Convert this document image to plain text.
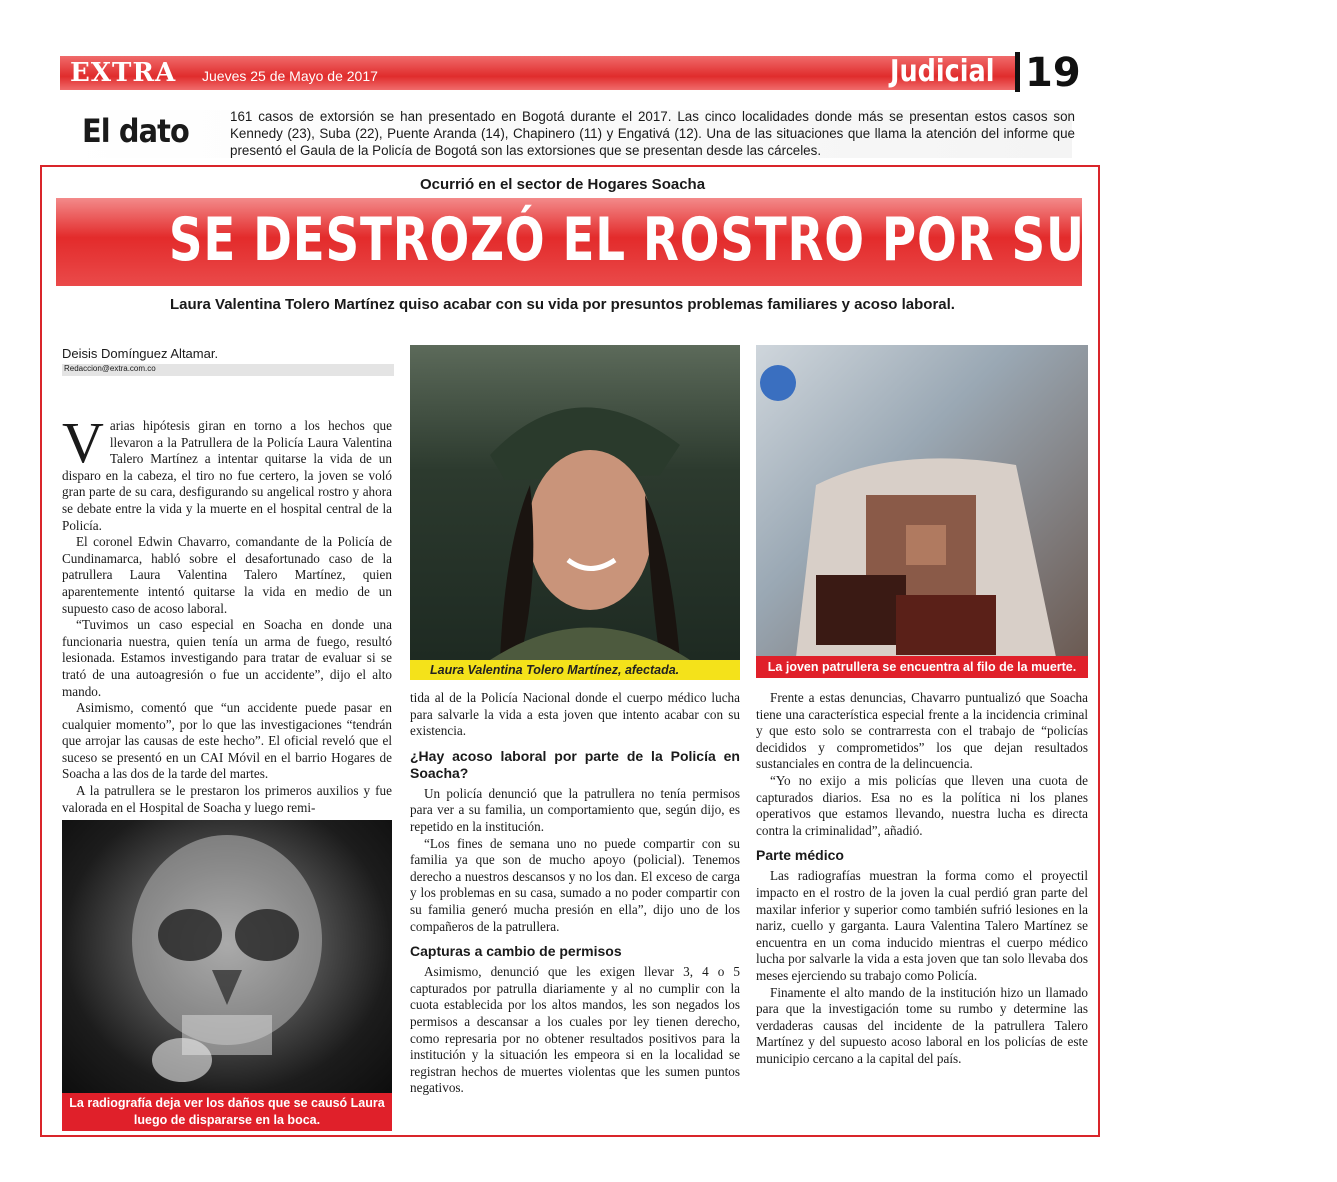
EXTRA Jueves 25 de Mayo de 2017	Judicial 19
El dato	161 casos de extorsión se han presentado en Bogotá durante el 2017. Las cinco localidades donde más se presentan estos casos son Kennedy (23), Suba (22), Puente Aranda (14), Chapinero (11) y Engativá (12). Una de las situaciones que llama la atención del informe que presentó el Gaula de la Policía de Bogotá son las extorsiones que se presentan desde las cárceles.
Ocurrió en el sector de Hogares Soacha
SE DESTROZÓ EL ROSTRO POR SUICIDARSE
Laura Valentina Tolero Martínez quiso acabar con su vida por presuntos problemas familiares y acoso laboral.
Deisis Domínguez Altamar.
Redaccion@extra.com.co
V arias hipótesis giran en torno a los hechos que llevaron a la Patrullera de la Policía Laura Valentina Talero Martínez a intentar quitarse la vida de un disparo en la cabeza, el tiro no fue certero, la joven se voló gran parte de su cara, desfigurando su angelical rostro y ahora se debate entre la vida y la muerte en el hospital central de la Policía.

El coronel Edwin Chavarro, comandante de la Policía de Cundinamarca, habló sobre el desafortunado caso de la patrullera Laura Valentina Talero Martínez, quien aparentemente intentó quitarse la vida en medio de un supuesto caso de acoso laboral.

“Tuvimos un caso especial en Soacha en donde una funcionaria nuestra, quien tenía un arma de fuego, resultó lesionada. Estamos investigando para tratar de evaluar si se trató de una autoagresión o fue un accidente”, dijo el alto mando.

Asimismo, comentó que “un accidente puede pasar en cualquier momento”, por lo que las investigaciones “tendrán que arrojar las causas de este hecho”. El oficial reveló que el suceso se presentó en un CAI Móvil en el barrio Hogares de Soacha a las dos de la tarde del martes.

A la patrullera se le prestaron los primeros auxilios y fue valorada en el Hospital de Soacha y luego remi-

La radiografía deja ver los daños que se causó Laura luego de dispararse en la boca.
Laura Valentina Tolero Martínez, afectada.

tida al de la Policía Nacional donde el cuerpo médico lucha para salvarle la vida a esta joven que intento acabar con su existencia.

¿Hay acoso laboral por parte de la Policía en Soacha?

Un policía denunció que la patrullera no tenía permisos para ver a su familia, un comportamiento que, según dijo, es repetido en la institución.

“Los fines de semana uno no puede compartir con su familia ya que son de mucho apoyo (policial). Tenemos derecho a nuestros descansos y no los dan. El exceso de carga y los problemas en su casa, sumado a no poder compartir con su familia generó mucha presión en ella”, dijo uno de los compañeros de la patrullera.

Capturas a cambio de permisos

Asimismo, denunció que les exigen llevar 3, 4 o 5 capturados por patrulla diariamente y al no cumplir con la cuota establecida por los altos mandos, les son negados los permisos a descansar a los cuales por ley tienen derecho, como represaria por no obtener resultados positivos para la institución y la situación les empeora si en la localidad se registran hechos de muertes violentas que les sumen puntos negativos.

La joven patrullera se encuentra al filo de la muerte.

Frente a estas denuncias, Chavarro puntualizó que Soacha tiene una característica especial frente a la incidencia criminal y que esto solo se contrarresta con el trabajo de “policías decididos y comprometidos” los que dejan resultados sustanciales en contra de la delincuencia.

“Yo no exijo a mis policías que lleven una cuota de capturados diarios. Esa no es la política ni los planes operativos que estamos llevando, nuestra lucha es directa contra la criminalidad”, añadió.

Parte médico

Las radiografías muestran la forma como el proyectil impacto en el rostro de la joven la cual perdió gran parte del maxilar inferior y superior como también sufrió lesiones en la nariz, cuello y garganta. Laura Valentina Talero Martínez se encuentra en un coma inducido mientras el cuerpo médico lucha por salvarle la vida a esta joven que tan solo llevaba dos meses ejerciendo su trabajo como Policía.

Finamente el alto mando de la institución hizo un llamado para que la investigación tome su rumbo y determine las verdaderas causas del incidente de la patrullera Talero Martínez y del supuesto acoso laboral en los policías de este municipio cercano a la capital del país.
